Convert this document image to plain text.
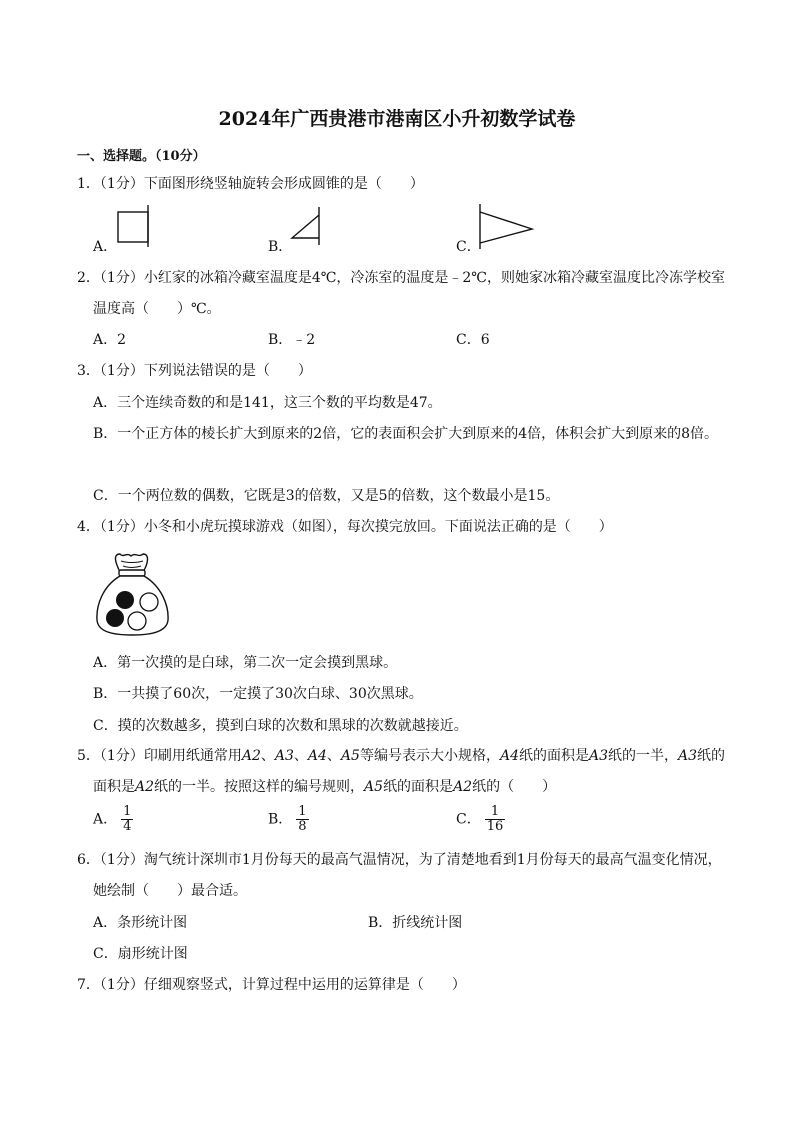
2024年广西贵港市港南区小升初数学试卷
一、选择题。（10分）
1．（1分）下面图形绕竖轴旋转会形成圆锥的是（　　）
A．	B．	C．
2．（1分）小红家的冰箱冷藏室温度是4℃，冷冻室的温度是﹣2℃，则她家冰箱冷藏室温度比冷冻学校室
温度高（　　）℃。
A．2	B．﹣2	C．6
3．（1分）下列说法错误的是（　　）
A．三个连续奇数的和是141，这三个数的平均数是47。
B．一个正方体的棱长扩大到原来的2倍，它的表面积会扩大到原来的4倍，体积会扩大到原来的8倍。
C．一个两位数的偶数，它既是3的倍数，又是5的倍数，这个数最小是15。
4．（1分）小冬和小虎玩摸球游戏（如图），每次摸完放回。下面说法正确的是（　　）
A．第一次摸的是白球，第二次一定会摸到黑球。
B．一共摸了60次，一定摸了30次白球、30次黑球。
C．摸的次数越多，摸到白球的次数和黑球的次数就越接近。
5．（1分）印刷用纸通常用A2、A3、A4、A5等编号表示大小规格，A4纸的面积是A3纸的一半，A3纸的
面积是A2纸的一半。按照这样的编号规则，A5纸的面积是A2纸的（　　）
A． $\frac{1}{4}$	B． $\frac{1}{8}$	C． $\frac{1}{16}$
6．（1分）淘气统计深圳市1月份每天的最高气温情况，为了清楚地看到1月份每天的最高气温变化情况，
她绘制（　　）最合适。
A．条形统计图	B．折线统计图
C．扇形统计图
7．（1分）仔细观察竖式，计算过程中运用的运算律是（　　）
